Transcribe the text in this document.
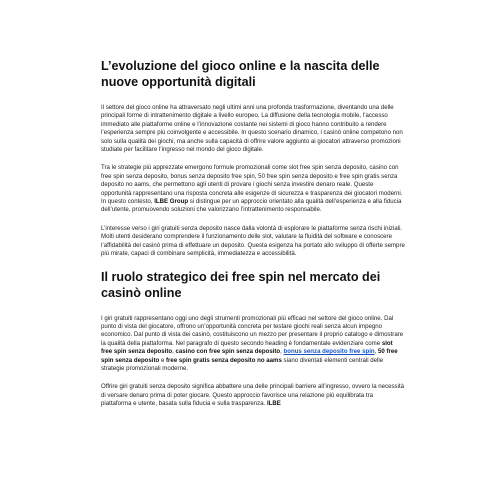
L’evoluzione del gioco online e la nascita delle nuove opportunità digitali

Il settore del gioco online ha attraversato negli ultimi anni una profonda trasformazione, diventando una delle principali forme di intrattenimento digitale a livello europeo. La diffusione della tecnologia mobile, l’accesso immediato alle piattaforme online e l’innovazione costante nei sistemi di gioco hanno contribuito a rendere l’esperienza sempre più coinvolgente e accessibile. In questo scenario dinamico, i casinò online competono non solo sulla qualità dei giochi, ma anche sulla capacità di offrire valore aggiunto ai giocatori attraverso promozioni studiate per facilitare l’ingresso nel mondo del gioco digitale.

Tra le strategie più apprezzate emergono formule promozionali come slot free spin senza deposito, casino con free spin senza deposito, bonus senza deposito free spin, 50 free spin senza deposito e free spin gratis senza deposito no aams, che permettono agli utenti di provare i giochi senza investire denaro reale. Queste opportunità rappresentano una risposta concreta alle esigenze di sicurezza e trasparenza dei giocatori moderni. In questo contesto, ILBE Group si distingue per un approccio orientato alla qualità dell’esperienza e alla fiducia dell’utente, promuovendo soluzioni che valorizzano l’intrattenimento responsabile.

L’interesse verso i giri gratuiti senza deposito nasce dalla volontà di esplorare le piattaforme senza rischi iniziali. Molti utenti desiderano comprendere il funzionamento delle slot, valutare la fluidità del software e conoscere l’affidabilità del casinò prima di effettuare un deposito. Questa esigenza ha portato allo sviluppo di offerte sempre più mirate, capaci di combinare semplicità, immediatezza e accessibilità.

Il ruolo strategico dei free spin nel mercato dei casinò online

I giri gratuiti rappresentano oggi uno degli strumenti promozionali più efficaci nel settore del gioco online. Dal punto di vista del giocatore, offrono un’opportunità concreta per testare giochi reali senza alcun impegno economico. Dal punto di vista dei casinò, costituiscono un mezzo per presentare il proprio catalogo e dimostrare la qualità della piattaforma. Nel paragrafo di questo secondo heading è fondamentale evidenziare come slot free spin senza deposito, casino con free spin senza deposito, bonus senza deposito free spin, 50 free spin senza deposito e free spin gratis senza deposito no aams siano diventati elementi centrali delle strategie promozionali moderne.

Offrire giri gratuiti senza deposito significa abbattere una delle principali barriere all’ingresso, ovvero la necessità di versare denaro prima di poter giocare. Questo approccio favorisce una relazione più equilibrata tra piattaforma e utente, basata sulla fiducia e sulla trasparenza. ILBE
